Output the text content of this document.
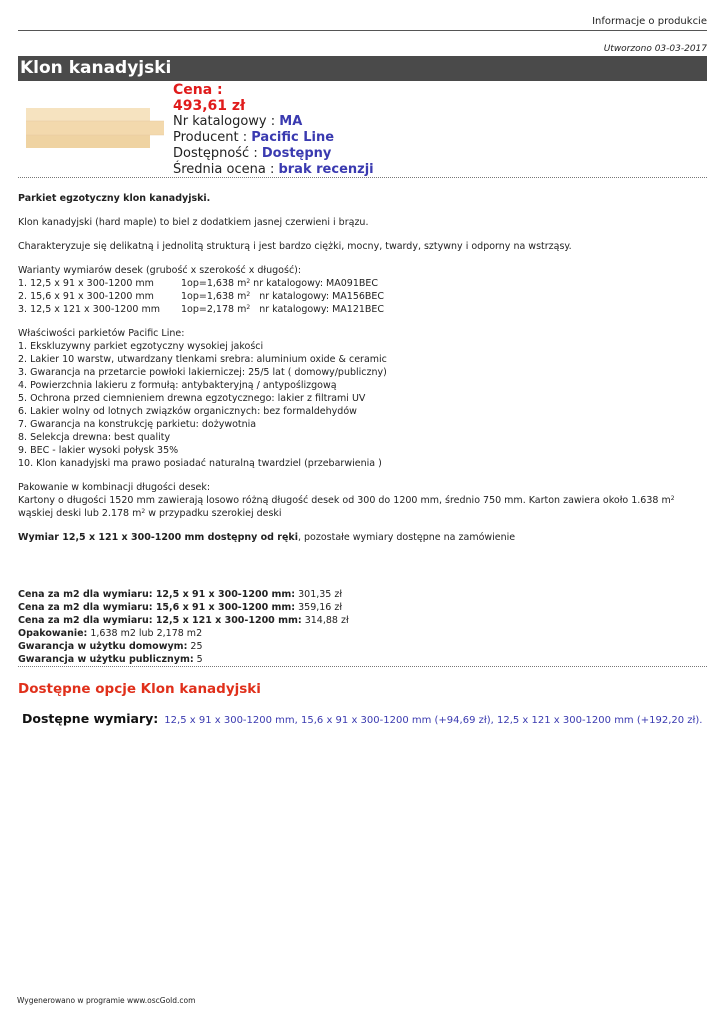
Informacje o produkcie
Utworzono 03-03-2017
Klon kanadyjski
Cena :
493,61 zł
Nr katalogowy : MA
Producent : Pacific Line
Dostępność : Dostępny
Średnia ocena : brak recenzji

Parkiet egzotyczny klon kanadyjski.

Klon kanadyjski (hard maple) to biel z dodatkiem jasnej czerwieni i brązu.

Charakteryzuje się delikatną i jednolitą strukturą i jest bardzo ciężki, mocny, twardy, sztywny i odporny na wstrząsy.

Warianty wymiarów desek (grubość x szerokość x długość):
1. 12,5 x 91 x 300-1200 mm	1op=1,638 $m^2$ nr katalogowy: MA091BEC
2. 15,6 x 91 x 300-1200 mm	1op=1,638 $m^2$   nr katalogowy: MA156BEC
3. 12,5 x 121 x 300-1200 mm 1op=2,178 $m^2$   nr katalogowy: MA121BEC
Właściwości parkietów Pacific Line:
1. Ekskluzywny parkiet egzotyczny wysokiej jakości
2. Lakier 10 warstw, utwardzany tlenkami srebra: aluminium oxide & ceramic
3. Gwarancja na przetarcie powłoki lakierniczej: 25/5 lat ( domowy/publiczny)
4. Powierzchnia lakieru z formułą: antybakteryjną / antypoślizgową
5. Ochrona przed ciemnieniem drewna egzotycznego: lakier z filtrami UV
6. Lakier wolny od lotnych związków organicznych: bez formaldehydów
7. Gwarancja na konstrukcję parkietu: dożywotnia
8. Selekcja drewna: best quality
9. BEC - lakier wysoki połysk 35%
10. Klon kanadyjski ma prawo posiadać naturalną twardziel (przebarwienia )
Pakowanie w kombinacji długości desek:

Kartony o długości 1520 mm zawierają losowo różną długość desek od 300 do 1200 mm, średnio 750 mm. Karton zawiera około 1.638 $m^2$ wąskiej deski lub 2.178 $m^2$ w przypadku szerokiej deski

Wymiar 12,5 x 121 x 300-1200 mm dostępny od ręki, pozostałe wymiary dostępne na zamówienie

Cena za m2 dla wymiaru: 12,5 x 91 x 300-1200 mm: 301,35 zł
Cena za m2 dla wymiaru: 15,6 x 91 x 300-1200 mm: 359,16 zł
Cena za m2 dla wymiaru: 12,5 x 121 x 300-1200 mm: 314,88 zł
Opakowanie: 1,638 m2 lub 2,178 m2
Gwarancja w użytku domowym: 25
Gwarancja w użytku publicznym: 5
Dostępne opcje Klon kanadyjski
Dostępne wymiary: 12,5 x 91 x 300-1200 mm, 15,6 x 91 x 300-1200 mm (+94,69 zł), 12,5 x 121 x 300-1200 mm (+192,20 zł).
Wygenerowano w programie www.oscGold.com
